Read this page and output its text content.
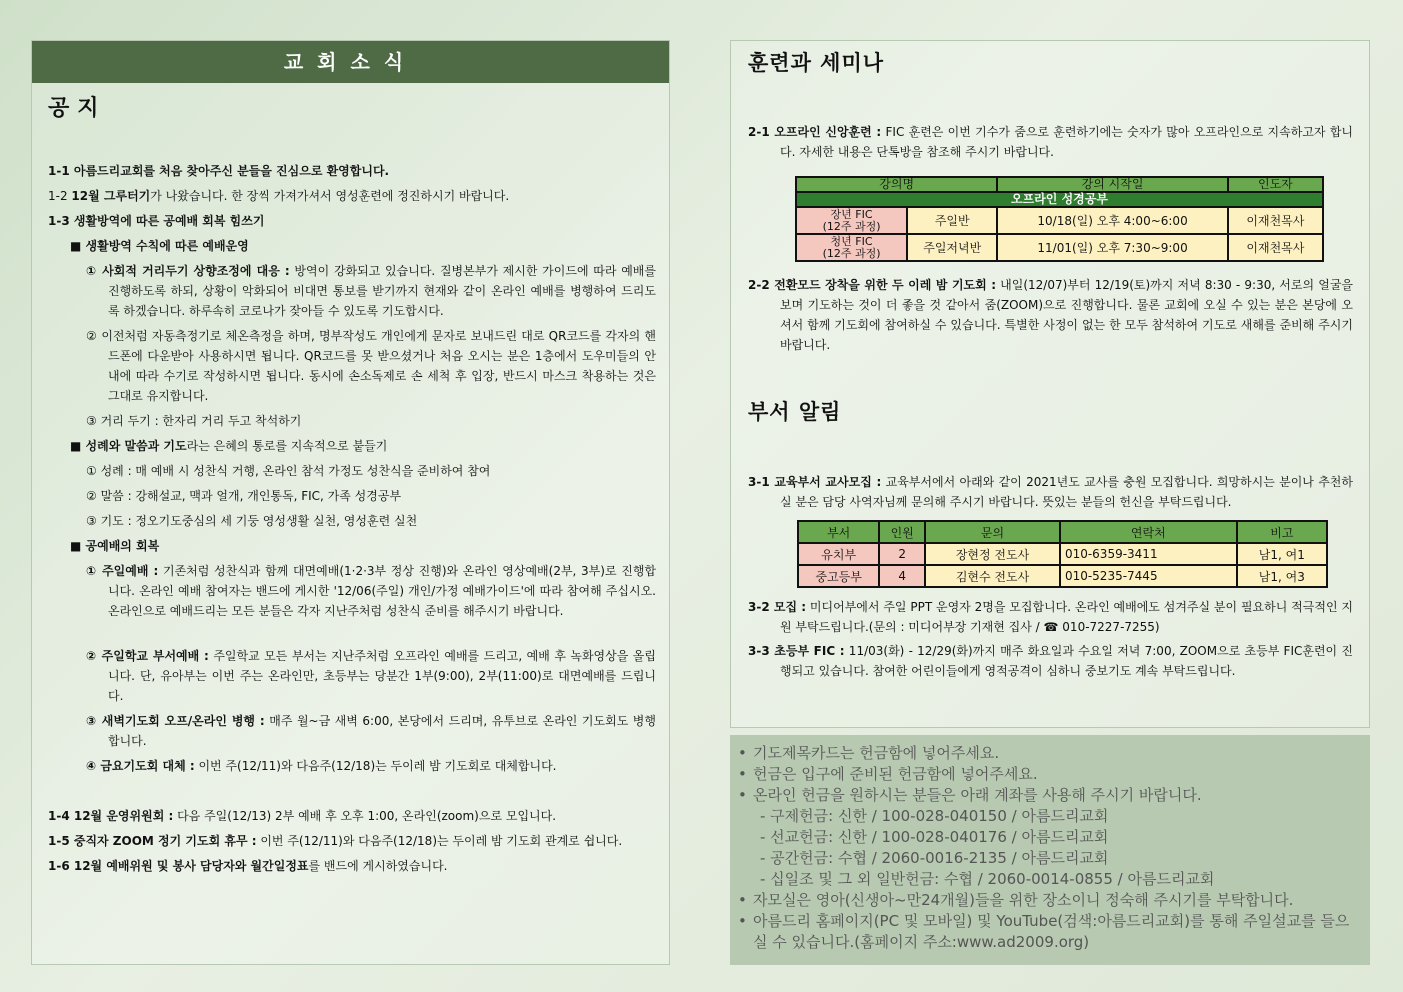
교회소식
공지
1-1 아름드리교회를 처음 찾아주신 분들을 진심으로 환영합니다.
1-2 12월 그루터기가 나왔습니다. 한 장씩 가져가셔서 영성훈련에 정진하시기 바랍니다.
1-3 생활방역에 따른 공예배 회복 힘쓰기
■ 생활방역 수칙에 따른 예배운영
① 사회적 거리두기 상향조정에 대응 : 방역이 강화되고 있습니다. 질병본부가 제시한 가이드에 따라 예배를 진행하도록 하되, 상황이 악화되어 비대면 통보를 받기까지 현재와 같이 온라인 예배를 병행하여 드리도록 하겠습니다. 하루속히 코로나가 잦아들 수 있도록 기도합시다.
② 이전처럼 자동측정기로 체온측정을 하며, 명부작성도 개인에게 문자로 보내드린 대로 QR코드를 각자의 핸드폰에 다운받아 사용하시면 됩니다. QR코드를 못 받으셨거나 처음 오시는 분은 1층에서 도우미들의 안내에 따라 수기로 작성하시면 됩니다. 동시에 손소독제로 손 세척 후 입장, 반드시 마스크 착용하는 것은 그대로 유지합니다.
③ 거리 두기 : 한자리 거리 두고 착석하기
■ 성례와 말씀과 기도라는 은혜의 통로를 지속적으로 붙들기
① 성례 : 매 예배 시 성찬식 거행, 온라인 참석 가정도 성찬식을 준비하여 참여
② 말씀 : 강해설교, 맥과 얼개, 개인통독, FIC, 가족 성경공부
③ 기도 : 정오기도중심의 세 기둥 영성생활 실천, 영성훈련 실천
■ 공예배의 회복
① 주일예배 : 기존처럼 성찬식과 함께 대면예배(1·2·3부 정상 진행)와 온라인 영상예배(2부, 3부)로 진행합니다. 온라인 예배 참여자는 밴드에 게시한 '12/06(주일) 개인/가정 예배가이드'에 따라 참여해 주십시오. 온라인으로 예배드리는 모든 분들은 각자 지난주처럼 성찬식 준비를 해주시기 바랍니다.
② 주일학교 부서예배 : 주일학교 모든 부서는 지난주처럼 오프라인 예배를 드리고, 예배 후 녹화영상을 올립니다. 단, 유아부는 이번 주는 온라인만, 초등부는 당분간 1부(9:00), 2부(11:00)로 대면예배를 드립니다.
③ 새벽기도회 오프/온라인 병행 : 매주 월~금 새벽 6:00, 본당에서 드리며, 유투브로 온라인 기도회도 병행합니다.
④ 금요기도회 대체 : 이번 주(12/11)와 다음주(12/18)는 두이레 밤 기도회로 대체합니다.
1-4 12월 운영위원회 : 다음 주일(12/13) 2부 예배 후 오후 1:00, 온라인(zoom)으로 모입니다.
1-5 중직자 ZOOM 정기 기도회 휴무 : 이번 주(12/11)와 다음주(12/18)는 두이레 밤 기도회 관계로 쉽니다.
1-6 12월 예배위원 및 봉사 담당자와 월간일정표를 밴드에 게시하였습니다.
훈련과 세미나
2-1 오프라인 신앙훈련 : FIC 훈련은 이번 기수가 줌으로 훈련하기에는 숫자가 많아 오프라인으로 지속하고자 합니다. 자세한 내용은 단톡방을 참조해 주시기 바랍니다.
강의명		강의 시작일	인도자
오프라인 성경공부			
장년 FIC
(12주 과정)	주일반	10/18(일) 오후 4:00~6:00	이재천목사
청년 FIC
(12주 과정)	주일저녁반	11/01(일) 오후 7:30~9:00	이재천목사
2-2 전환모드 장착을 위한 두 이레 밤 기도회 : 내일(12/07)부터 12/19(토)까지 저녁 8:30 - 9:30, 서로의 얼굴을 보며 기도하는 것이 더 좋을 것 같아서 줌(ZOOM)으로 진행합니다. 물론 교회에 오실 수 있는 분은 본당에 오셔서 함께 기도회에 참여하실 수 있습니다. 특별한 사정이 없는 한 모두 참석하여 기도로 새해를 준비해 주시기 바랍니다.
부서 알림
3-1 교육부서 교사모집 : 교육부서에서 아래와 같이 2021년도 교사를 충원 모집합니다. 희망하시는 분이나 추천하실 분은 담당 사역자님께 문의해 주시기 바랍니다. 뜻있는 분들의 헌신을 부탁드립니다.
부서	인원	문의	연락처	비고
유치부	2	장현정 전도사	010-6359-3411	남1, 여1
중고등부	4	김현수 전도사	010-5235-7445	남1, 여3
3-2 모집 : 미디어부에서 주일 PPT 운영자 2명을 모집합니다. 온라인 예배에도 섬겨주실 분이 필요하니 적극적인 지원 부탁드립니다.(문의 : 미디어부장 기재현 집사 / ☎ 010-7227-7255)
3-3 초등부 FIC : 11/03(화) - 12/29(화)까지 매주 화요일과 수요일 저녁 7:00, ZOOM으로 초등부 FIC훈련이 진행되고 있습니다. 참여한 어린이들에게 영적공격이 심하니 중보기도 계속 부탁드립니다.
• 기도제목카드는 헌금함에 넣어주세요.
• 헌금은 입구에 준비된 헌금함에 넣어주세요.
• 온라인 헌금을 원하시는 분들은 아래 계좌를 사용해 주시기 바랍니다.
- 구제헌금: 신한 / 100-028-040150 / 아름드리교회
- 선교헌금: 신한 / 100-028-040176 / 아름드리교회
- 공간헌금: 수협 / 2060-0016-2135 / 아름드리교회
- 십일조 및 그 외 일반헌금: 수협 / 2060-0014-0855 / 아름드리교회
• 자모실은 영아(신생아~만24개월)들을 위한 장소이니 정숙해 주시기를 부탁합니다.
• 아름드리 홈페이지(PC 및 모바일) 및 YouTube(검색:아름드리교회)를 통해 주일설교를 들으실 수 있습니다.(홈페이지 주소:www.ad2009.org)
